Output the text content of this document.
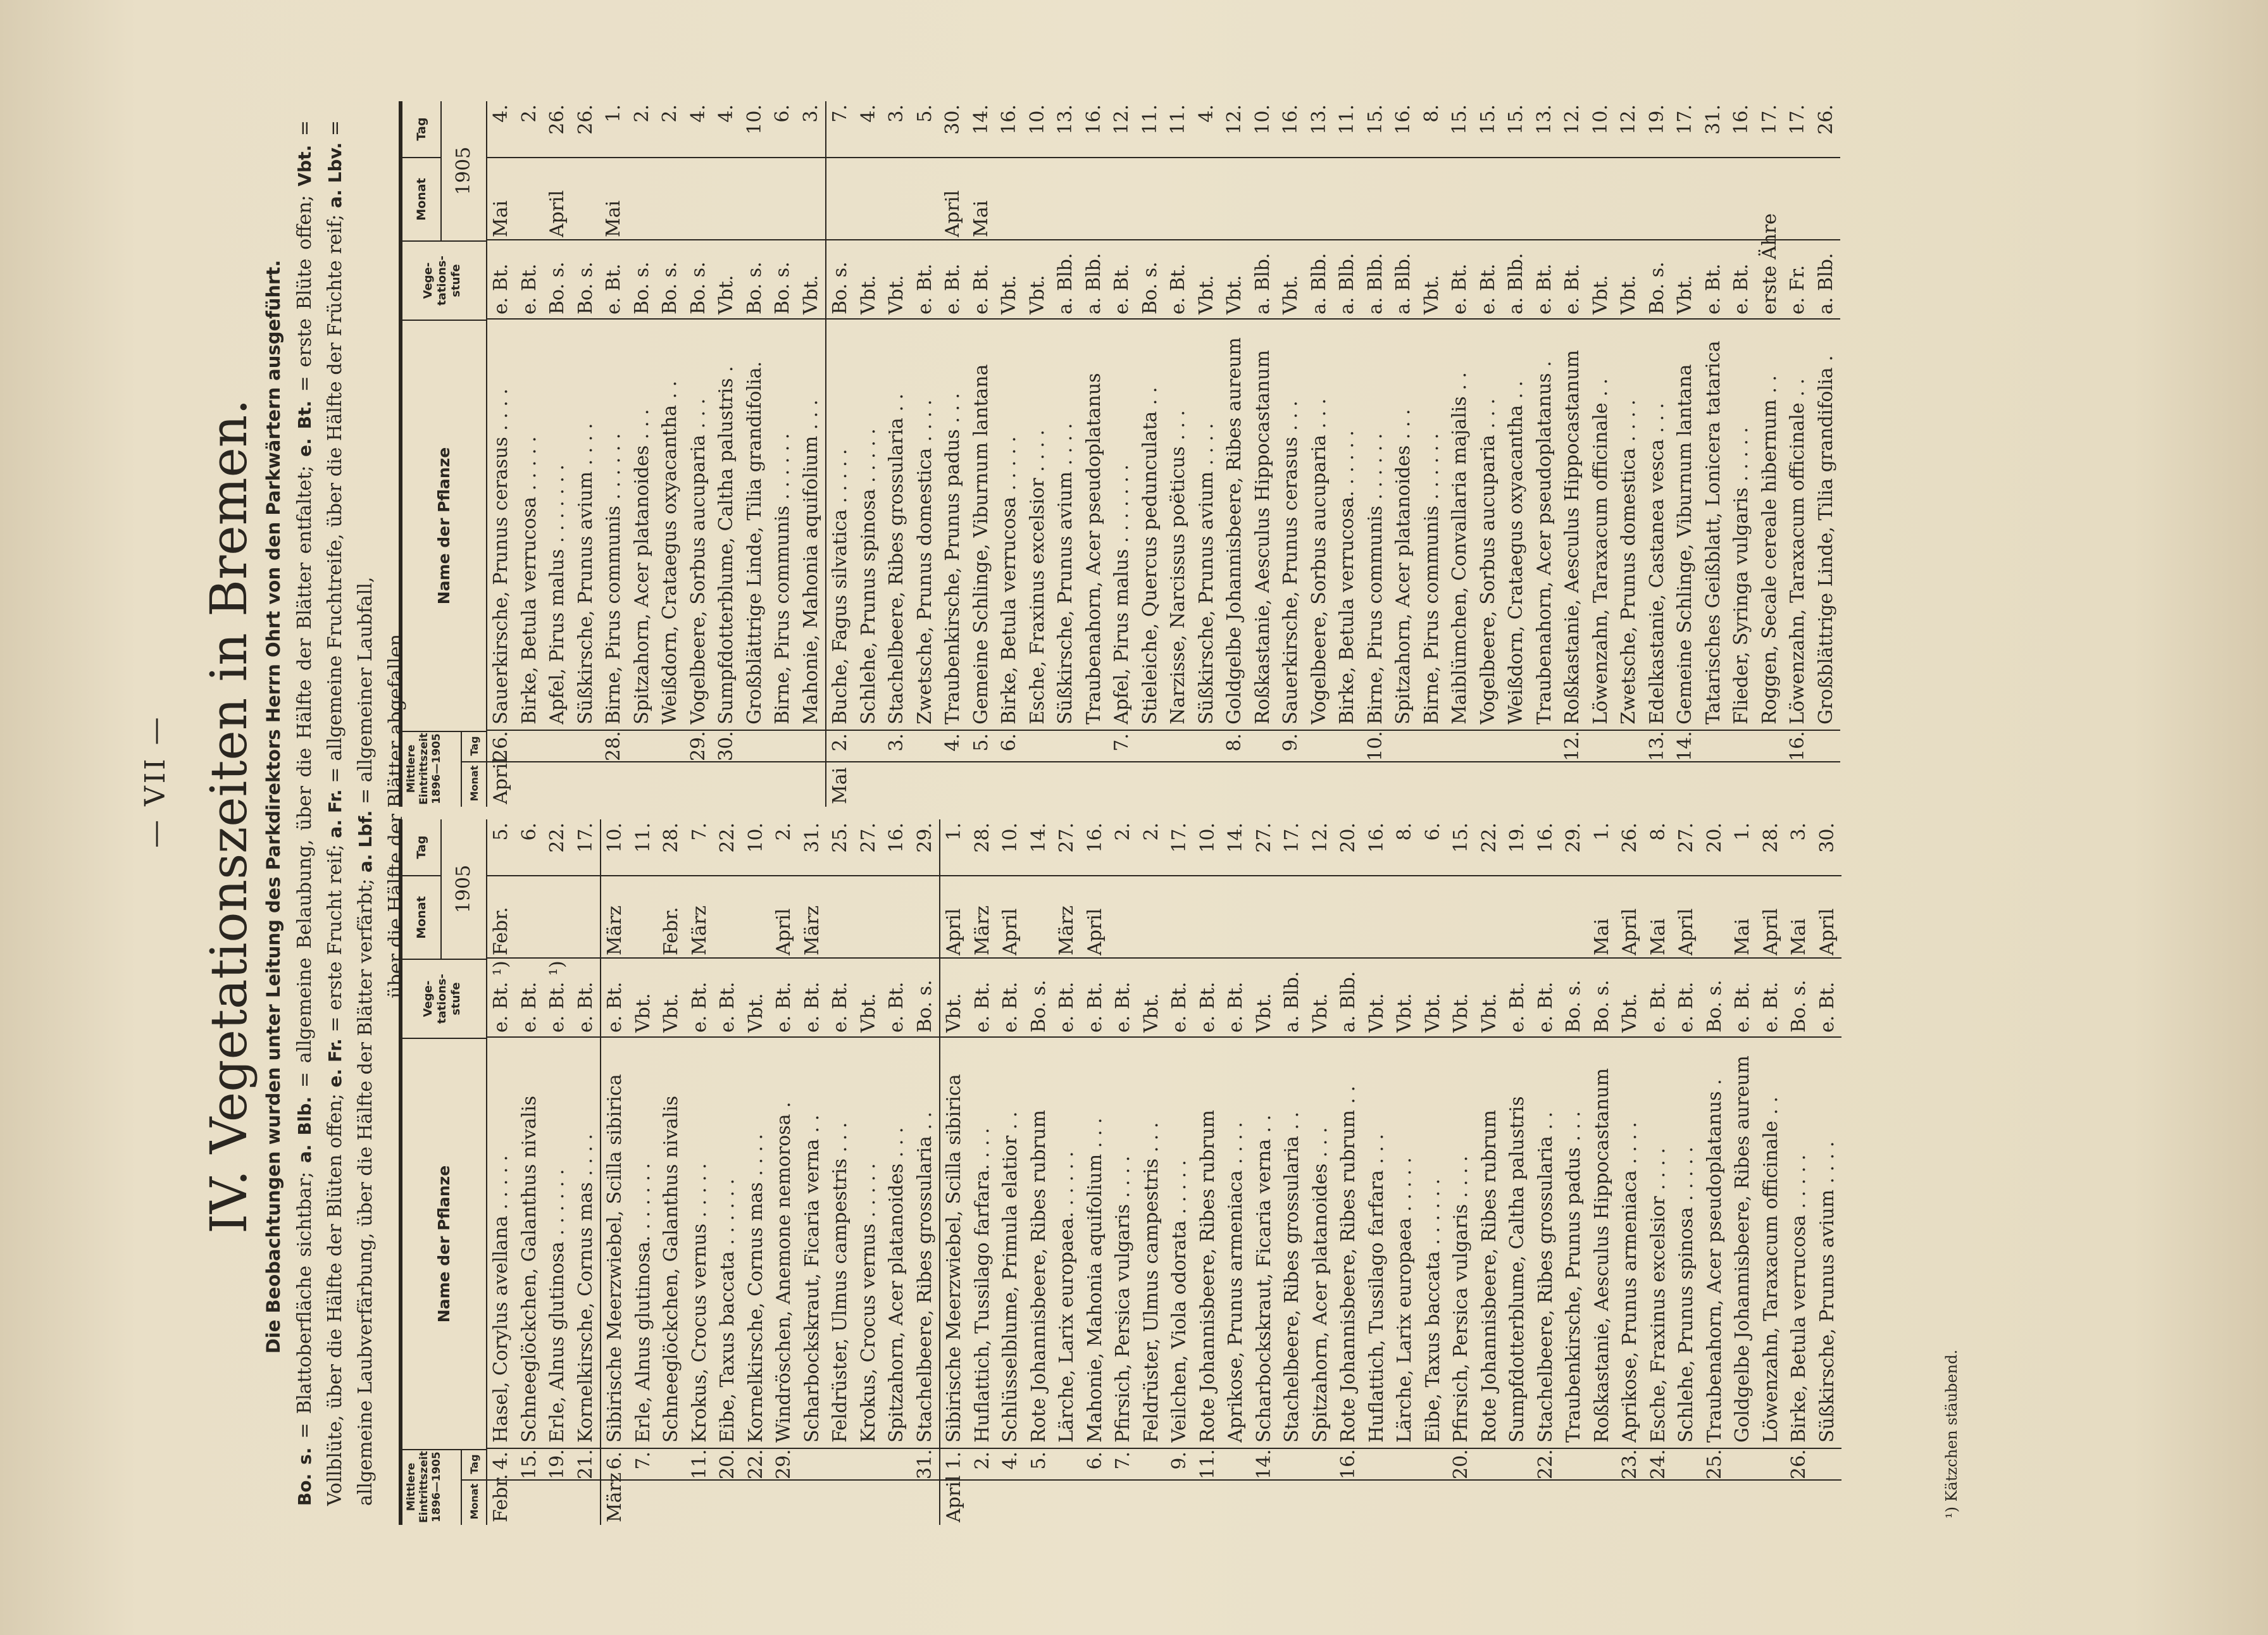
— VII — IV. Vegetationszeiten in Bremen. Die Beobachtungen wurden unter Leitung des Parkdirektors Herrn Ohrt von den Parkwärtern ausgeführt.
Bo. s. = Blattoberfläche sichtbar; a. Blb. = allgemeine Belaubung, über die Hälfte der Blätter entfaltet; e. Bt. = erste Blüte offen; Vbt. = Vollblüte, über die Hälfte der Blüten offen; e. Fr. = erste Frucht reif; a. Fr. = allgemeine Fruchtreife, über die Hälfte der Früchte reif; a. Lbv. = allgemeine Laubverfärbung, über die Hälfte der Blätter verfärbt; a. Lbf. = allgemeiner Laubfall, über die Hälfte der Blätter abgefallen.
Mittlere
Eintrittszeit
1896—1905	Monat
Tag
Name der Pflanze
Vege-
tations-
stufe
Monat
Tag
1905
Febr.
4.
Hasel, Corylus avellana . . . . .
e. Bt. ¹)
Febr.
5.
15.
Schneeglöckchen, Galanthus nivalis
e. Bt.
6.
19.
Erle, Alnus glutinosa . . . . . .
e. Bt. ¹)
22.
21.
Kornelkirsche, Cornus mas . . . .
e. Bt.
17.
März
6.
Sibirische Meerzwiebel, Scilla sibirica
e. Bt.
März
10.
7.
Erle, Alnus glutinosa. . . . . . .
Vbt.
11.
Schneeglöckchen, Galanthus nivalis
Vbt.
Febr.
28.
11.
Krokus, Crocus vernus . . . . .
e. Bt.
März
7.
20.
Eibe, Taxus baccata . . . . . .
e. Bt.
22.
22.
Kornelkirsche, Cornus mas . . . .
Vbt.
10.
29.
Windröschen, Anemone nemorosa .
e. Bt.
April
2.
Scharbockskraut, Ficaria verna . .
e. Bt.
März
31.
Feldrüster, Ulmus campestris . . .
e. Bt.
25.
Krokus, Crocus vernus . . . . .
Vbt.
27.
Spitzahorn, Acer platanoides . . .
e. Bt.
16.
31.
Stachelbeere, Ribes grossularia . .
Bo. s.
29.
April
1.
Sibirische Meerzwiebel, Scilla sibirica
Vbt.
April
1.
2.
Huflattich, Tussilago farfara. . . .
e. Bt.
März
28.
4.
Schlüsselblume, Primula elatior . .
e. Bt.
April
10.
5.
Rote Johannisbeere, Ribes rubrum
Bo. s.
14.
Lärche, Larix europaea. . . . . .
e. Bt.
März
27.
6.
Mahonie, Mahonia aquifolium . . .
e. Bt.
April
16.
7.
Pfirsich, Persica vulgaris . . . .
e. Bt.
2.
Feldrüster, Ulmus campestris . . .
Vbt.
2.
9.
Veilchen, Viola odorata . . . . .
e. Bt.
17.
11.
Rote Johannisbeere, Ribes rubrum
e. Bt.
10.
Aprikose, Prunus armeniaca . . . .
e. Bt.
14.
14.
Scharbockskraut, Ficaria verna . .
Vbt.
27.
Stachelbeere, Ribes grossularia . .
a. Blb.
17.
Spitzahorn, Acer platanoides . . .
Vbt.
12.
16.
Rote Johannisbeere, Ribes rubrum . .
a. Blb.
20.
Huflattich, Tussilago farfara . . .
Vbt.
16.
Lärche, Larix europaea . . . . .
Vbt.
8.
Eibe, Taxus baccata . . . . . .
Vbt.
6.
20.
Pfirsich, Persica vulgaris . . . .
Vbt.
15.
Rote Johannisbeere, Ribes rubrum
Vbt.
22.
Sumpfdotterblume, Caltha palustris
e. Bt.
19.
22.
Stachelbeere, Ribes grossularia . .
e. Bt.
16.
Traubenkirsche, Prunus padus . . .
Bo. s.
29.
Roßkastanie, Aesculus Hippocastanum
Bo. s.
Mai
1.
23.
Aprikose, Prunus armeniaca . . . .
Vbt.
April
26.
24.
Esche, Fraxinus excelsior . . . .
e. Bt.
Mai
8.
Schlehe, Prunus spinosa . . . . .
e. Bt.
April
27.
25.
Traubenahorn, Acer pseudoplatanus .
Bo. s.
20.
Goldgelbe Johannisbeere, Ribes aureum
e. Bt.
Mai
1.
Löwenzahn, Taraxacum officinale . .
e. Bt.
April
28.
26.
Birke, Betula verrucosa . . . . .
Bo. s.
Mai
3.
Süßkirsche, Prunus avium . . . .
e. Bt.
April
30.
Mittlere
Eintrittszeit
1896—1905	Monat
Tag
Name der Pflanze
Vege-
tations-
stufe
Monat
Tag
1905
April
26.
Sauerkirsche, Prunus cerasus . . . .
e. Bt.
Mai
4.
Birke, Betula verrucosa . . . . .
e. Bt.
2.
Apfel, Pirus malus . . . . . . .
Bo. s.
April
26.
Süßkirsche, Prunus avium . . . .
Bo. s.
26.
28.
Birne, Pirus communis . . . . . .
e. Bt.
Mai
1.
Spitzahorn, Acer platanoides . . .
Bo. s.
2.
Weißdorn, Crataegus oxyacantha . .
Bo. s.
2.
29.
Vogelbeere, Sorbus aucuparia . . .
Bo. s.
4.
30.
Sumpfdotterblume, Caltha palustris .
Vbt.
4.
Großblättrige Linde, Tilia grandifolia.
Bo. s.
10.
Birne, Pirus communis . . . . . .
Bo. s.
6.
Mahonie, Mahonia aquifolium . . .
Vbt.
3.
Mai
2.
Buche, Fagus silvatica . . . . .
Bo. s.
7.
Schlehe, Prunus spinosa . . . . .
Vbt.
4.
3.
Stachelbeere, Ribes grossularia . .
Vbt.
3.
Zwetsche, Prunus domestica . . . .
e. Bt.
5.
4.
Traubenkirsche, Prunus padus . . .
e. Bt.
April
30.
5.
Gemeine Schlinge, Viburnum lantana
e. Bt.
Mai
14.
6.
Birke, Betula verrucosa . . . . .
Vbt.
16.
Esche, Fraxinus excelsior . . . .
Vbt.
10.
Süßkirsche, Prunus avium . . . .
a. Blb.
13.
Traubenahorn, Acer pseudoplatanus
a. Blb.
16.
7.
Apfel, Pirus malus . . . . . . .
e. Bt.
12.
Stieleiche, Quercus pedunculata . .
Bo. s.
11.
Narzisse, Narcissus poëticus . . .
e. Bt.
11.
Süßkirsche, Prunus avium . . . .
Vbt.
4.
8.
Goldgelbe Johannisbeere, Ribes aureum
Vbt.
12.
Roßkastanie, Aesculus Hippocastanum
a. Blb.
10.
9.
Sauerkirsche, Prunus cerasus . . .
Vbt.
16.
Vogelbeere, Sorbus aucuparia . . .
a. Blb.
13.
Birke, Betula verrucosa. . . . . .
a. Blb.
11.
10.
Birne, Pirus communis . . . . . .
a. Blb.
15.
Spitzahorn, Acer platanoides . . .
a. Blb.
16.
Birne, Pirus communis . . . . . .
Vbt.
8.
Maiblümchen, Convallaria majalis . .
e. Bt.
15.
Vogelbeere, Sorbus aucuparia . . .
e. Bt.
15.
Weißdorn, Crataegus oxyacantha . .
a. Blb.
15.
Traubenahorn, Acer pseudoplatanus .
e. Bt.
13.
12.
Roßkastanie, Aesculus Hippocastanum
e. Bt.
12.
Löwenzahn, Taraxacum officinale . .
Vbt.
10.
Zwetsche, Prunus domestica . . . .
Vbt.
12.
13.
Edelkastanie, Castanea vesca . . .
Bo. s.
19.
14.
Gemeine Schlinge, Viburnum lantana
Vbt.
17.
Tatarisches Geißblatt, Lonicera tatarica
e. Bt.
31.
Flieder, Syringa vulgaris . . . . .
e. Bt.
16.
Roggen, Secale cereale hibernum . .
erste Ähre
17.
16.
Löwenzahn, Taraxacum officinale . .
e. Fr.
17.
Großblättrige Linde, Tilia grandifolia .
a. Blb.
26.
¹) Kätzchen stäubend.
